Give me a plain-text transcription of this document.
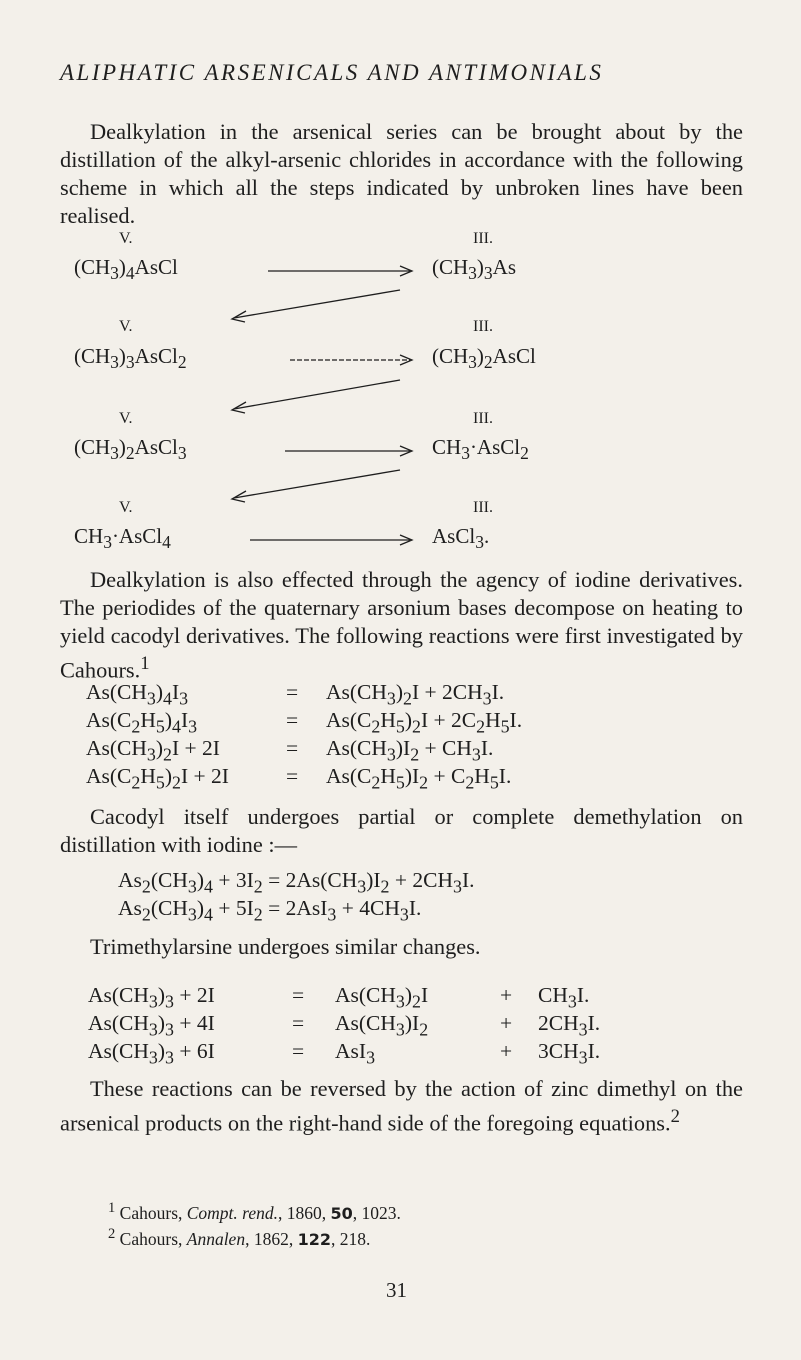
ALIPHATIC ARSENICALS AND ANTIMONIALS

Dealkylation in the arsenical series can be brought about by the distillation of the alkyl-arsenic chlorides in accordance with the following scheme in which all the steps indicated by unbroken lines have been realised.

V.	III.
$(CH_3)_4AsCl$	$(CH_3)_3As$
V.	III.
$(CH_3)_3AsCl_2$	$(CH_3)_2AsCl$
V.	III.
$(CH_3)_2AsCl_3$	$CH_3\cdot AsCl_2$
V.	III.
$CH_3\cdot AsCl_4$	AsCl$_3$.

Dealkylation is also effected through the agency of iodine derivatives. The periodides of the quaternary arsonium bases decompose on heating to yield cacodyl derivatives. The following reactions were first investigated by Cahours.$^1$

$As(CH_3)_4I_3$	= $As(CH_3)_2I + 2CH_3I$.
$As(C_2H_5)_4I_3$	= $As(C_2H_5)_2I + 2C_2H_5I$.
$As(CH_3)_2I + 2I$	= $As(CH_3)I_2 + CH_3I$.
$As(C_2H_5)_2I + 2I$	= $As(C_2H_5)I_2 + C_2H_5I$.

Cacodyl itself undergoes partial or complete demethylation on distillation with iodine :—

$As_2(CH_3)_4 + 3I_2 = 2As(CH_3)I_2 + 2CH_3I$.
$As_2(CH_3)_4 + 5I_2 = 2AsI_3 + 4CH_3I$.

Trimethylarsine undergoes similar changes.

$As(CH_3)_3 + 2I$	= $As(CH_3)_2I$	+ $CH_3I$.
$As(CH_3)_3 + 4I$	= $As(CH_3)I_2$	+ $2CH_3I$.
$As(CH_3)_3 + 6I$	= AsI$_3$	+ $3CH_3I$.

These reactions can be reversed by the action of zinc dimethyl on the arsenical products on the right-hand side of the foregoing equations.$^2$

$^1$ Cahours, Compt. rend., 1860, 50, 1023.
$^2$ Cahours, Annalen, 1862, 122, 218.
31
